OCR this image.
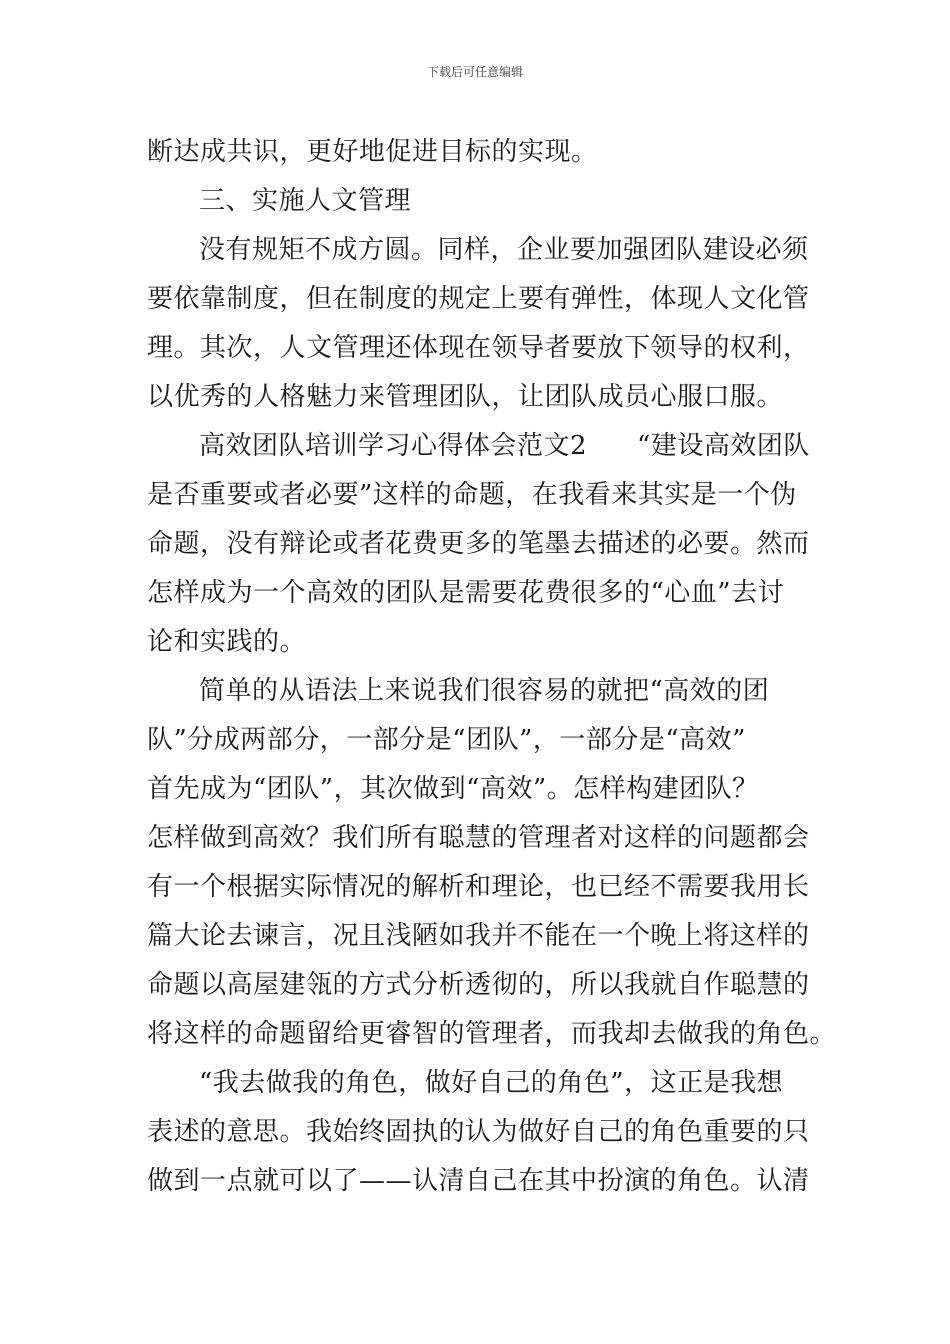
下载后可任意编辑
断达成共识，更好地促进目标的实现。
三、实施人文管理
没有规矩不成方圆。同样，企业要加强团队建设必须
要依靠制度，但在制度的规定上要有弹性，体现人文化管
理。其次，人文管理还体现在领导者要放下领导的权利，
以优秀的人格魅力来管理团队，让团队成员心服口服。
高效团队培训学习心得体会范文2 “建设高效团队
是否重要或者必要”这样的命题，在我看来其实是一个伪
命题，没有辩论或者花费更多的笔墨去描述的必要。然而
怎样成为一个高效的团队是需要花费很多的“心血”去讨
论和实践的。
简单的从语法上来说我们很容易的就把“高效的团
队”分成两部分，一部分是“团队”，一部分是“高效”
首先成为“团队”，其次做到“高效”。怎样构建团队？
怎样做到高效？我们所有聪慧的管理者对这样的问题都会
有一个根据实际情况的解析和理论，也已经不需要我用长
篇大论去谏言，况且浅陋如我并不能在一个晚上将这样的
命题以高屋建瓴的方式分析透彻的，所以我就自作聪慧的
将这样的命题留给更睿智的管理者，而我却去做我的角色。
“我去做我的角色，做好自己的角色”，这正是我想
表述的意思。我始终固执的认为做好自己的角色重要的只
做到一点就可以了——认清自己在其中扮演的角色。认清
